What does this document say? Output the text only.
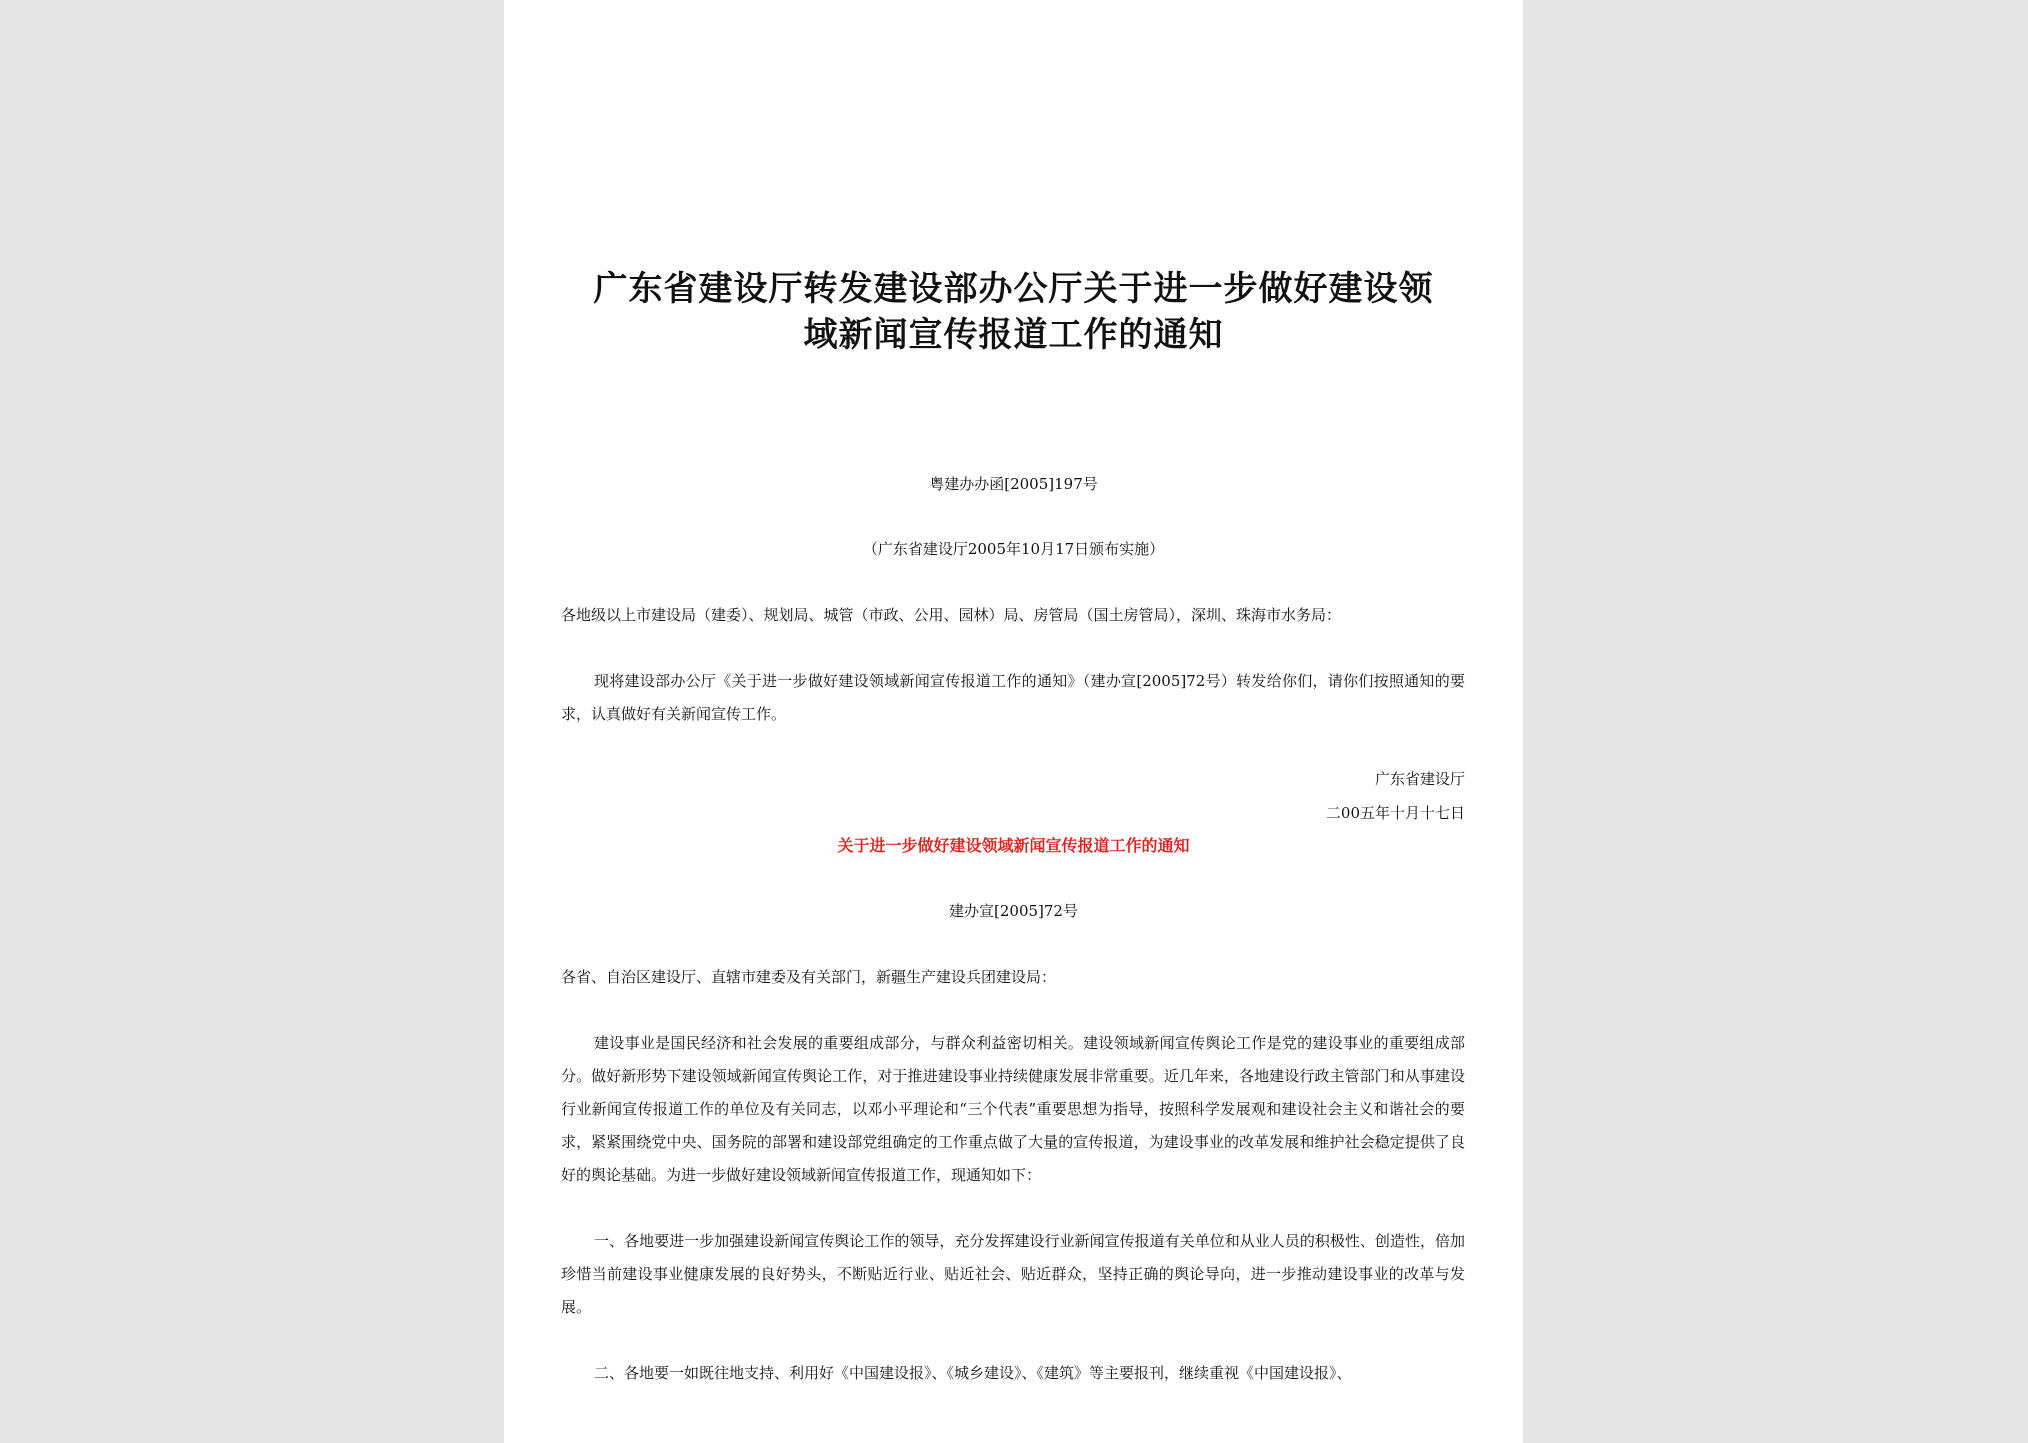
广东省建设厅转发建设部办公厅关于进一步做好建设领
域新闻宣传报道工作的通知
粤建办办函[2005]197号
（广东省建设厅2005年10月17日颁布实施）
各地级以上市建设局（建委）、规划局、城管（市政、公用、园林）局、房管局（国土房管局），深圳、珠海市水务局：
现将建设部办公厅《关于进一步做好建设领域新闻宣传报道工作的通知》（建办宣[2005]72号）转发给你们，请你们按照通知的要求，认真做好有关新闻宣传工作。
广东省建设厅
二00五年十月十七日
关于进一步做好建设领域新闻宣传报道工作的通知
建办宣[2005]72号
各省、自治区建设厅、直辖市建委及有关部门，新疆生产建设兵团建设局：
建设事业是国民经济和社会发展的重要组成部分，与群众利益密切相关。建设领域新闻宣传舆论工作是党的建设事业的重要组成部分。做好新形势下建设领域新闻宣传舆论工作，对于推进建设事业持续健康发展非常重要。近几年来，各地建设行政主管部门和从事建设行业新闻宣传报道工作的单位及有关同志，以邓小平理论和“三个代表”重要思想为指导，按照科学发展观和建设社会主义和谐社会的要求，紧紧围绕党中央、国务院的部署和建设部党组确定的工作重点做了大量的宣传报道，为建设事业的改革发展和维护社会稳定提供了良好的舆论基础。为进一步做好建设领域新闻宣传报道工作，现通知如下：
一、各地要进一步加强建设新闻宣传舆论工作的领导，充分发挥建设行业新闻宣传报道有关单位和从业人员的积极性、创造性，倍加珍惜当前建设事业健康发展的良好势头，不断贴近行业、贴近社会、贴近群众，坚持正确的舆论导向，进一步推动建设事业的改革与发展。
二、各地要一如既往地支持、利用好《中国建设报》、《城乡建设》、《建筑》等主要报刊，继续重视《中国建设报》、
